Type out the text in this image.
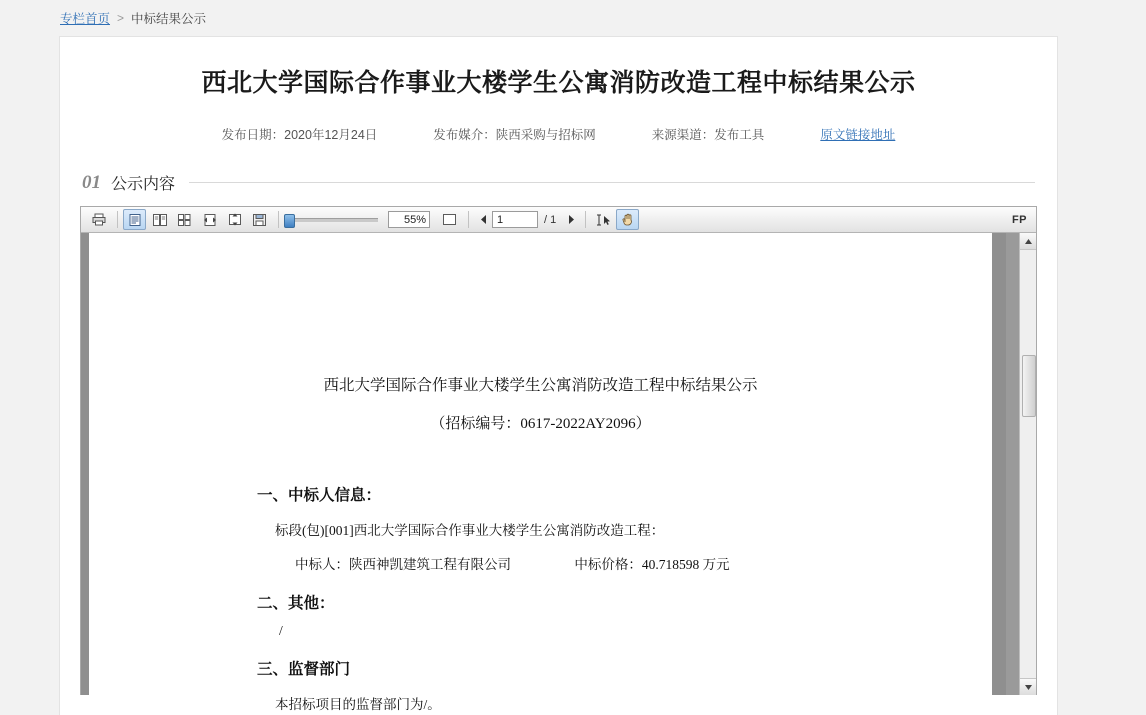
专栏首页 > 中标结果公示
西北大学国际合作事业大楼学生公寓消防改造工程中标结果公示
发布日期：2020年12月24日	发布媒介：陕西采购与招标网	来源渠道：发布工具	原文链接地址
01 公示内容
55%	1	/ 1	FP
西北大学国际合作事业大楼学生公寓消防改造工程中标结果公示
（招标编号：0617-2022AY2096）
一、中标人信息：
标段(包)[001]西北大学国际合作事业大楼学生公寓消防改造工程：
中标人：陕西神凯建筑工程有限公司	中标价格：40.718598 万元
二、其他：
/
三、监督部门
本招标项目的监督部门为/。
